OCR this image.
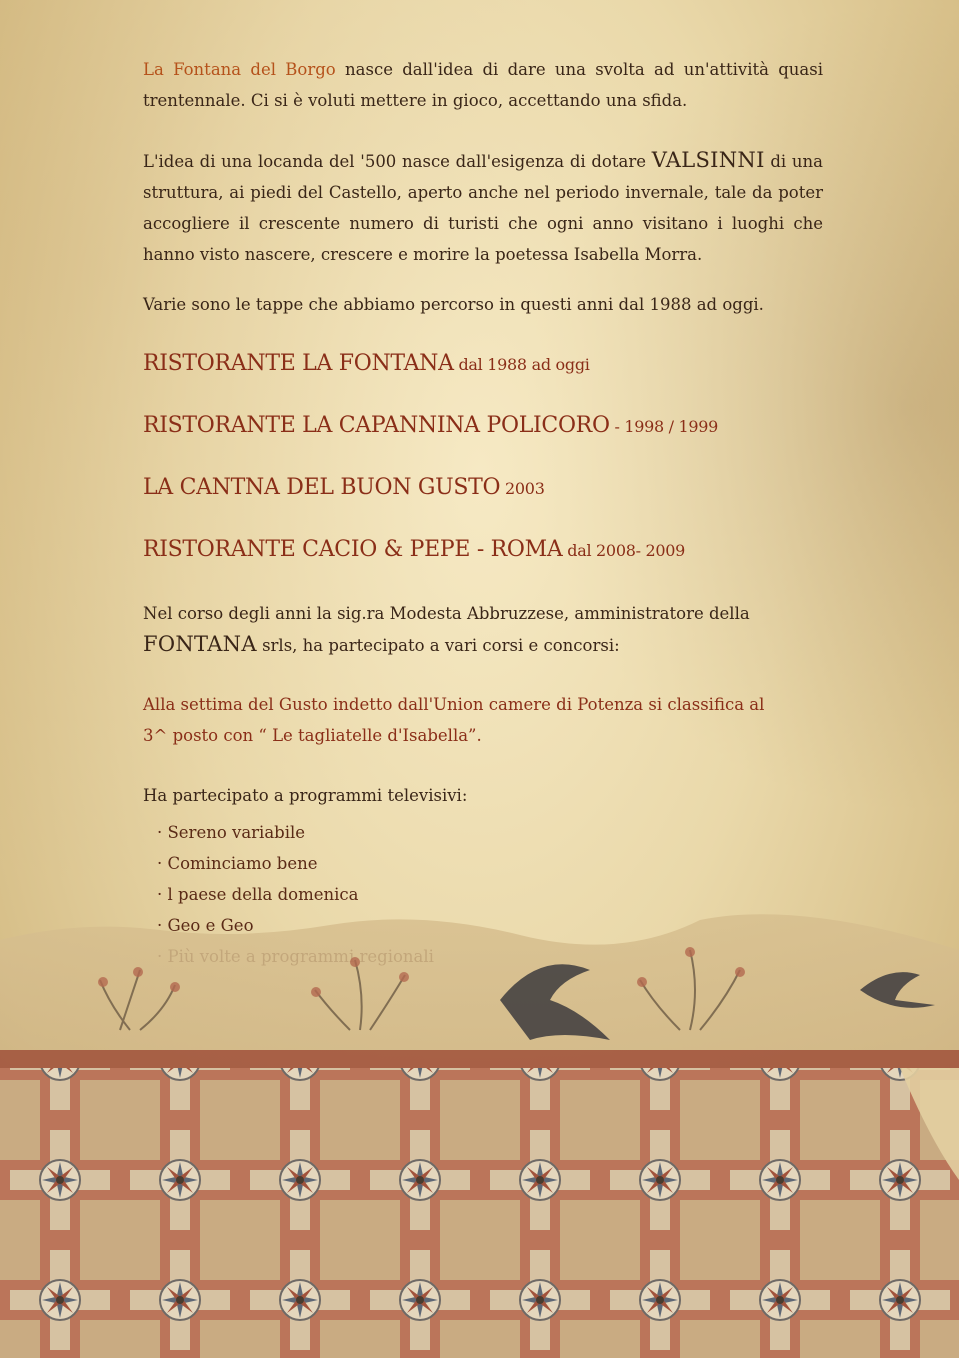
La Fontana del Borgo nasce dall'idea di dare una svolta ad un'attività quasi trentennale. Ci si è voluti mettere in gioco, accettando una sfida.

L'idea di una locanda del '500 nasce dall'esigenza di dotare VALSINNI di una struttura, ai piedi del Castello, aperto anche nel periodo invernale, tale da poter accogliere il crescente numero di turisti che ogni anno visitano i luoghi che hanno visto nascere, crescere e morire la poetessa Isabella Morra.

Varie sono le tappe che abbiamo percorso in questi anni dal 1988 ad oggi.

RISTORANTE LA FONTANA dal 1988 ad oggi

RISTORANTE LA CAPANNINA POLICORO - 1998 / 1999

LA CANTNA DEL BUON GUSTO 2003

RISTORANTE CACIO & PEPE - ROMA dal 2008- 2009

Nel corso degli anni la sig.ra Modesta Abbruzzese, amministratore della FONTANA srls, ha partecipato a vari corsi e concorsi:

Alla settima del Gusto indetto dall'Union camere di Potenza si classifica al 3^ posto con “ Le tagliatelle d'Isabella”.

Ha partecipato a programmi televisivi:

· Sereno variabile
· Cominciamo bene
· l paese della domenica
· Geo e Geo
